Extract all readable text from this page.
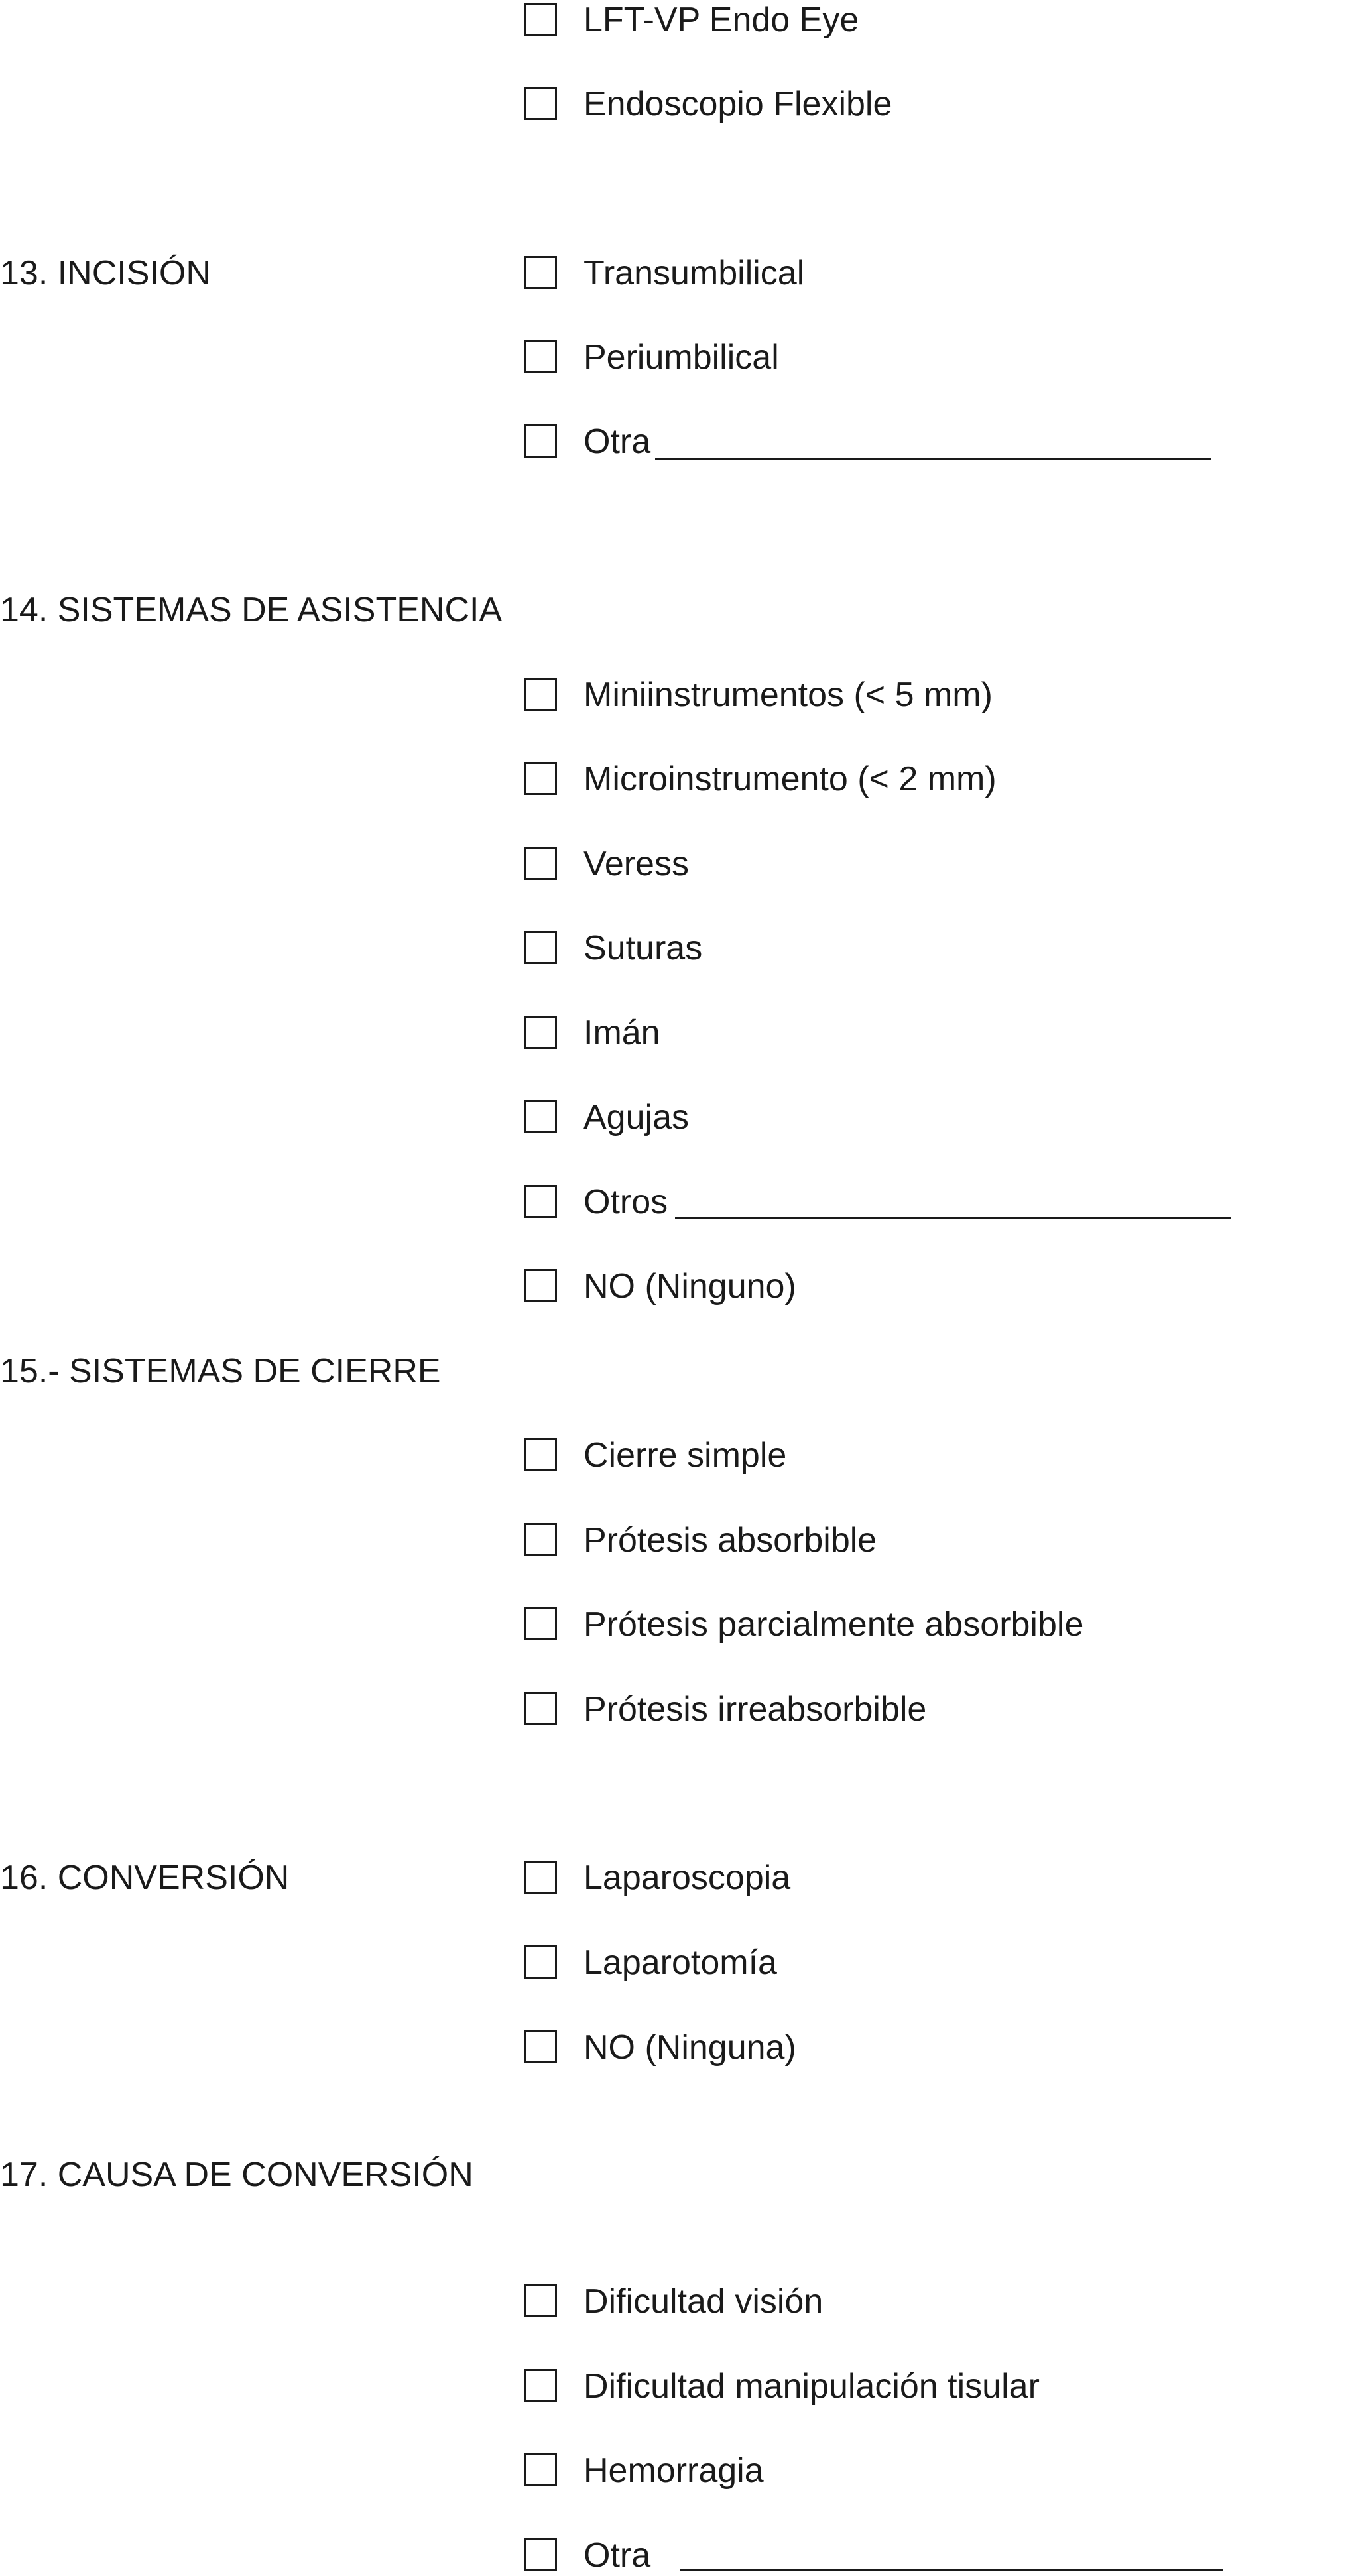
LFT-VP Endo Eye
Endoscopio Flexible
13. INCISIÓN	Transumbilical
Periumbilical
Otra
14. SISTEMAS DE ASISTENCIA
Miniinstrumentos (< 5 mm)
Microinstrumento (< 2 mm)
Veress
Suturas
Imán
Agujas
Otros
NO (Ninguno)
15.- SISTEMAS DE CIERRE
Cierre simple
Prótesis absorbible
Prótesis parcialmente absorbible
Prótesis irreabsorbible
16. CONVERSIÓN	Laparoscopia
Laparotomía
NO (Ninguna)
17. CAUSA DE CONVERSIÓN
Dificultad visión
Dificultad manipulación tisular
Hemorragia
Otra
